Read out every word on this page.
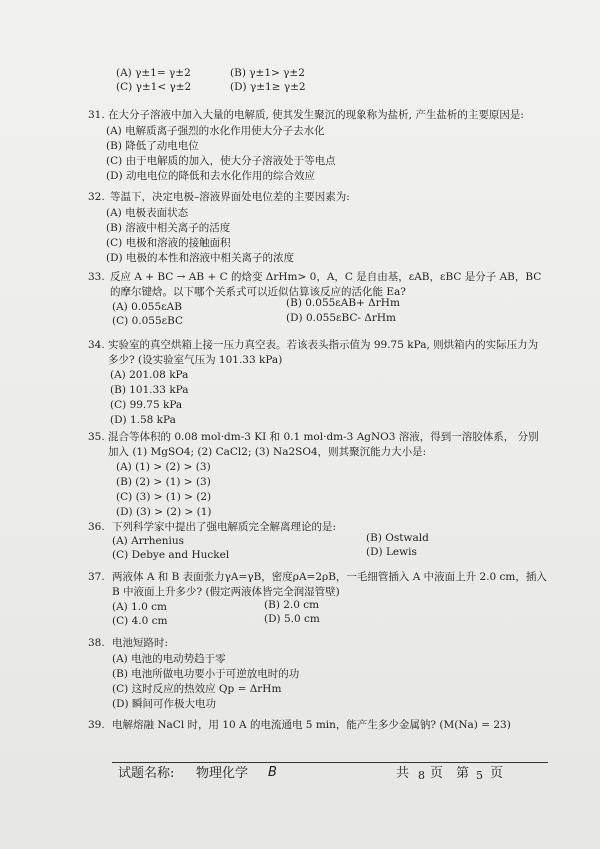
(A) γ±1= γ±2	(B) γ±1> γ±2
(C) γ±1< γ±2	(D) γ±1≥ γ±2
31. 在大分子溶液中加入大量的电解质, 使其发生聚沉的现象称为盐析, 产生盐析的主要原因是:
(A) 电解质离子强烈的水化作用使大分子去水化
(B) 降低了动电电位
(C) 由于电解质的加入，使大分子溶液处于等电点
(D) 动电电位的降低和去水化作用的综合效应
32. 等温下，决定电极–溶液界面处电位差的主要因素为:
(A) 电极表面状态
(B) 溶液中相关离子的活度
(C) 电极和溶液的接触面积
(D) 电极的本性和溶液中相关离子的浓度
33. 反应 A + BC → AB + C 的焓变 ΔrHm> 0，A，C 是自由基，εAB，εBC 是分子 AB，BC 的摩尔键焓。以下哪个关系式可以近似估算该反应的活化能 Ea?
(A) 0.055εAB	(B) 0.055εAB+ ΔrHm
(C) 0.055εBC	(D) 0.055εBC- ΔrHm
34. 实验室的真空烘箱上接一压力真空表。若该表头指示值为 99.75 kPa, 则烘箱内的实际压力为多少? (设实验室气压为 101.33 kPa)
(A) 201.08 kPa
(B) 101.33 kPa
(C) 99.75 kPa
(D) 1.58 kPa
35. 混合等体积的 0.08 mol·dm-3 KI 和 0.1 mol·dm-3 AgNO3 溶液，得到一溶胶体系， 分别加入 (1) MgSO4; (2) CaCl2; (3) Na2SO4，则其聚沉能力大小是:
(A) (1) > (2) > (3)
(B) (2) > (1) > (3)
(C) (3) > (1) > (2)
(D) (3) > (2) > (1)
36. 下列科学家中提出了强电解质完全解离理论的是:
(A) Arrhenius	(B) Ostwald
(C) Debye and Huckel	(D) Lewis
37. 两液体 A 和 B 表面张力γA=γB，密度ρA=2ρB，一毛细管插入 A 中液面上升 2.0 cm，插入 B 中液面上升多少? (假定两液体皆完全润湿管壁)
(A) 1.0 cm	(B) 2.0 cm
(C) 4.0 cm	(D) 5.0 cm
38. 电池短路时:
(A) 电池的电动势趋于零
(B) 电池所做电功要小于可逆放电时的功
(C) 这时反应的热效应 Qp = ΔrHm
(D) 瞬间可作极大电功
39. 电解熔融 NaCl 时，用 10 A 的电流通电 5 min，能产生多少金属钠? (M(Na) = 23)
试题名称: 物理化学 B	共 8 页 第 5 页
